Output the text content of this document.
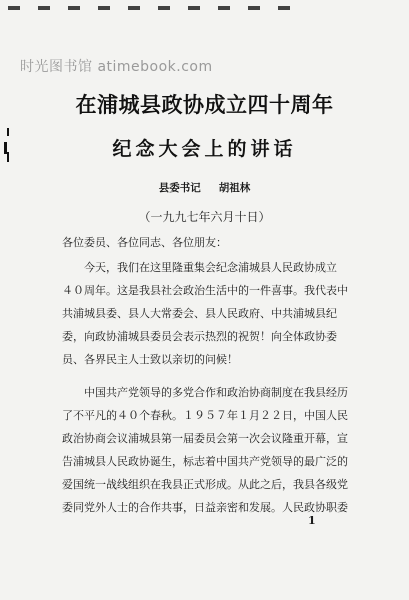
时光图书馆 atimebook.com
在浦城县政协成立四十周年
纪念大会上的讲话
县委书记 胡祖林
（一九九七年六月十日）
各位委员、各位同志、各位朋友：
　　今天，我们在这里隆重集会纪念浦城县人民政协成立
４０周年。这是我县社会政治生活中的一件喜事。我代表中
共浦城县委、县人大常委会、县人民政府、中共浦城县纪
委，向政协浦城县委员会表示热烈的祝贺！向全体政协委
员、各界民主人士致以亲切的问候！
　　中国共产党领导的多党合作和政治协商制度在我县经历
了不平凡的４０个春秋。１９５７年１月２２日，中国人民
政治协商会议浦城县第一届委员会第一次会议隆重开幕，宣
告浦城县人民政协诞生，标志着中国共产党领导的最广泛的
爱国统一战线组织在我县正式形成。从此之后，我县各级党
委同党外人士的合作共事，日益亲密和发展。人民政协职委
1
